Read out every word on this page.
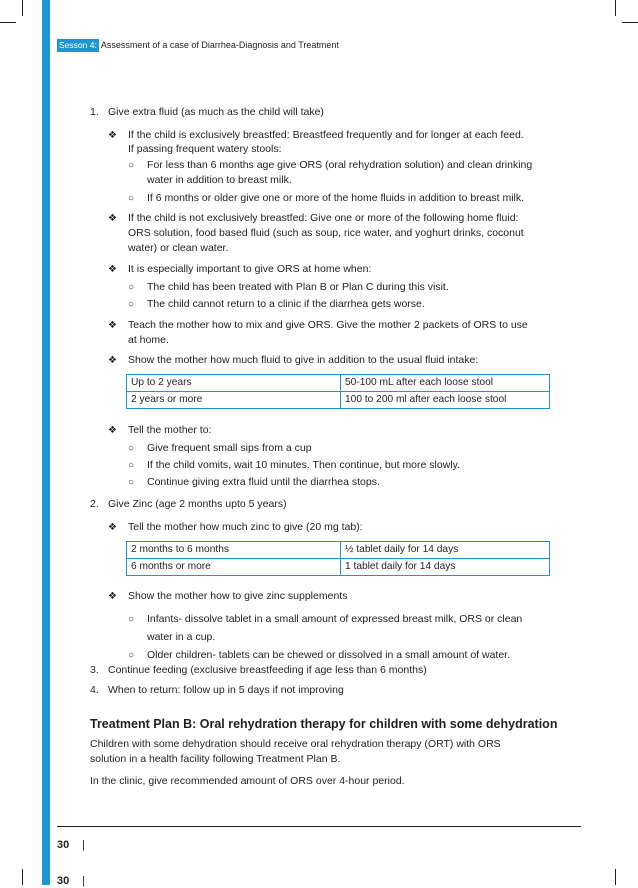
Sesson 4: Assessment of a case of Diarrhea-Diagnosis and Treatment
1. Give extra fluid (as much as the child will take)
❖ If the child is exclusively breastfed: Breastfeed frequently and for longer at each feed.
If passing frequent watery stools:
○ For less than 6 months age give ORS (oral rehydration solution) and clean drinking
water in addition to breast milk.
○ If 6 months or older give one or more of the home fluids in addition to breast milk.
❖ If the child is not exclusively breastfed: Give one or more of the following home fluid:
ORS solution, food based fluid (such as soup, rice water, and yoghurt drinks, coconut
water) or clean water.
❖ It is especially important to give ORS at home when:
○ The child has been treated with Plan B or Plan C during this visit.
○ The child cannot return to a clinic if the diarrhea gets worse.
❖ Teach the mother how to mix and give ORS. Give the mother 2 packets of ORS to use
at home.
❖ Show the mother how much fluid to give in addition to the usual fluid intake:
Up to 2 years	50-100 mL after each loose stool
2 years or more	100 to 200 ml after each loose stool
❖ Tell the mother to:
○ Give frequent small sips from a cup
○ If the child vomits, wait 10 minutes. Then continue, but more slowly.
○ Continue giving extra fluid until the diarrhea stops.
2. Give Zinc (age 2 months upto 5 years)
❖ Tell the mother how much zinc to give (20 mg tab):
2 months to 6 months	½ tablet daily for 14 days
6 months or more	1 tablet daily for 14 days
❖ Show the mother how to give zinc supplements
○ Infants- dissolve tablet in a small amount of expressed breast milk, ORS or clean
water in a cup.
○ Older children- tablets can be chewed or dissolved in a small amount of water.
3. Continue feeding (exclusive breastfeeding if age less than 6 months)
4. When to return: follow up in 5 days if not improving
Treatment Plan B: Oral rehydration therapy for children with some dehydration
Children with some dehydration should receive oral rehydration therapy (ORT) with ORS
solution in a health facility following Treatment Plan B.
In the clinic, give recommended amount of ORS over 4-hour period.
30 |
30 |
